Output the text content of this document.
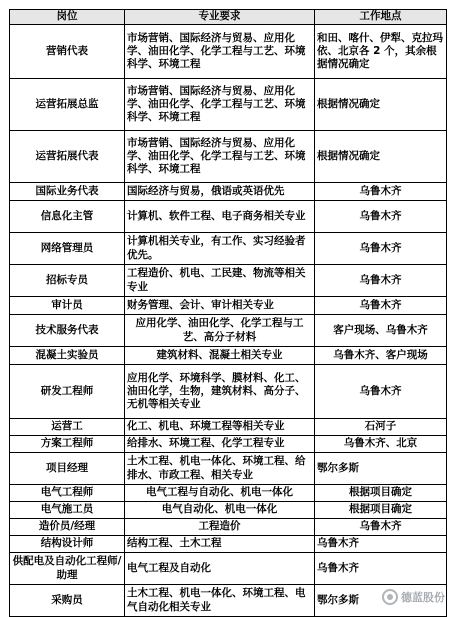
岗位	专业要求	工作地点
营销代表	市场营销、国际经济与贸易、应用化学、油田化学、化学工程与工艺、环境科学、环境工程	和田、喀什、伊犁、克拉玛依、北京各 2 个，其余根据情况确定
运营拓展总监	市场营销、国际经济与贸易、应用化学、油田化学、化学工程与工艺、环境科学、环境工程	根据情况确定
运营拓展代表	市场营销、国际经济与贸易、应用化学、油田化学、化学工程与工艺、环境科学、环境工程	根据情况确定
国际业务代表	国际经济与贸易，俄语或英语优先	乌鲁木齐
信息化主管	计算机、软件工程、电子商务相关专业	乌鲁木齐
网络管理员	计算机相关专业，有工作、实习经验者优先。	乌鲁木齐
招标专员	工程造价、机电、工民建、物流等相关专业	乌鲁木齐
审计员	财务管理、会计、审计相关专业	乌鲁木齐
技术服务代表	应用化学、油田化学、化学工程与工艺、高分子材料	客户现场、乌鲁木齐
混凝土实验员	建筑材料、混凝土相关专业	乌鲁木齐、客户现场
研发工程师	应用化学、环境科学、膜材料、化工、油田化学，生物，建筑材料、高分子、无机等相关专业	乌鲁木齐
运营工	化工、机电、环境工程等相关专业	石河子
方案工程师	给排水、环境工程、化学工程专业	乌鲁木齐、北京
项目经理	土木工程、机电一体化、环境工程、给排水、市政工程、相关专业	鄂尔多斯
电气工程师	电气工程与自动化、机电一体化	根据项目确定
电气施工员	电气自动化、机电一体化	根据项目确定
造价员/经理	工程造价	乌鲁木齐
结构设计师	结构工程、土木工程	乌鲁木齐
供配电及自动化工程师/助理	电气工程及自动化	乌鲁木齐
采购员	土木工程、机电一体化、环境工程、电气自动化相关专业	鄂尔多斯	德蓝股份
